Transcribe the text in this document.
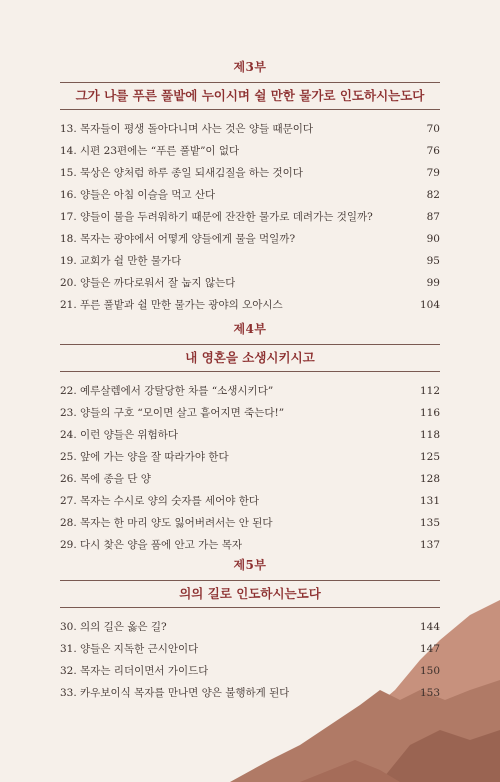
제3부
그가 나를 푸른 풀밭에 누이시며 쉴 만한 물가로 인도하시는도다
13. 목자들이 평생 돌아다니며 사는 것은 양들 때문이다	70
14. 시편 23편에는 “푸른 풀밭”이 없다	76
15. 묵상은 양처럼 하루 종일 되새김질을 하는 것이다	79
16. 양들은 아침 이슬을 먹고 산다	82
17. 양들이 물을 두려워하기 때문에 잔잔한 물가로 데려가는 것일까?	87
18. 목자는 광야에서 어떻게 양들에게 물을 먹일까?	90
19. 교회가 쉴 만한 물가다	95
20. 양들은 까다로워서 잘 눕지 않는다	99
21. 푸른 풀밭과 쉴 만한 물가는 광야의 오아시스	104
제4부
내 영혼을 소생시키시고
22. 예루살렘에서 강탈당한 차를 “소생시키다”	112
23. 양들의 구호 “모이면 살고 흩어지면 죽는다!”	116
24. 이런 양들은 위험하다	118
25. 앞에 가는 양을 잘 따라가야 한다	125
26. 목에 종을 단 양	128
27. 목자는 수시로 양의 숫자를 세어야 한다	131
28. 목자는 한 마리 양도 잃어버려서는 안 된다	135
29. 다시 찾은 양을 품에 안고 가는 목자	137
제5부
의의 길로 인도하시는도다
30. 의의 길은 옳은 길?	144
31. 양들은 지독한 근시안이다	147
32. 목자는 리더이면서 가이드다	150
33. 카우보이식 목자를 만나면 양은 불행하게 된다	153
